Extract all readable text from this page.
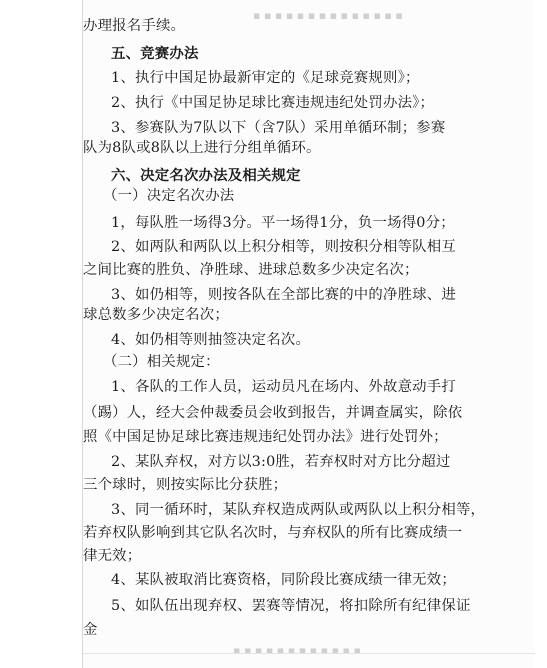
▪ ▪ ▪ ▪ ▪ ▪ ▪ ▪ ▪ ▪ ▪ ▪ ▪ ▪
办理报名手续。
五、竞赛办法
1、执行中国足协最新审定的《足球竞赛规则》；
2、执行《中国足协足球比赛违规违纪处罚办法》；
3、参赛队为7队以下（含7队）采用单循环制；参赛
队为8队或8队以上进行分组单循环。
六、决定名次办法及相关规定
（一）决定名次办法
1，每队胜一场得3分。平一场得1分，负一场得0分；
2、如两队和两队以上积分相等，则按积分相等队相互
之间比赛的胜负、净胜球、进球总数多少决定名次；
3、如仍相等，则按各队在全部比赛的中的净胜球、进
球总数多少决定名次；
4、如仍相等则抽签决定名次。
（二）相关规定：
1、各队的工作人员，运动员凡在场内、外故意动手打
（踢）人，经大会仲裁委员会收到报告，并调查属实，除依
照《中国足协足球比赛违规违纪处罚办法》进行处罚外；
2、某队弃权，对方以3:0胜，若弃权时对方比分超过
三个球时，则按实际比分获胜；
3、同一循环时，某队弃权造成两队或两队以上积分相等，
若弃权队影响到其它队名次时，与弃权队的所有比赛成绩一
律无效；
4、某队被取消比赛资格，同阶段比赛成绩一律无效；
5、如队伍出现弃权、罢赛等情况，将扣除所有纪律保证
金
▪ ▪ ▪ ▪ ▪ ▪ ▪ ▪ ▪ ▪ ▪ ▪
